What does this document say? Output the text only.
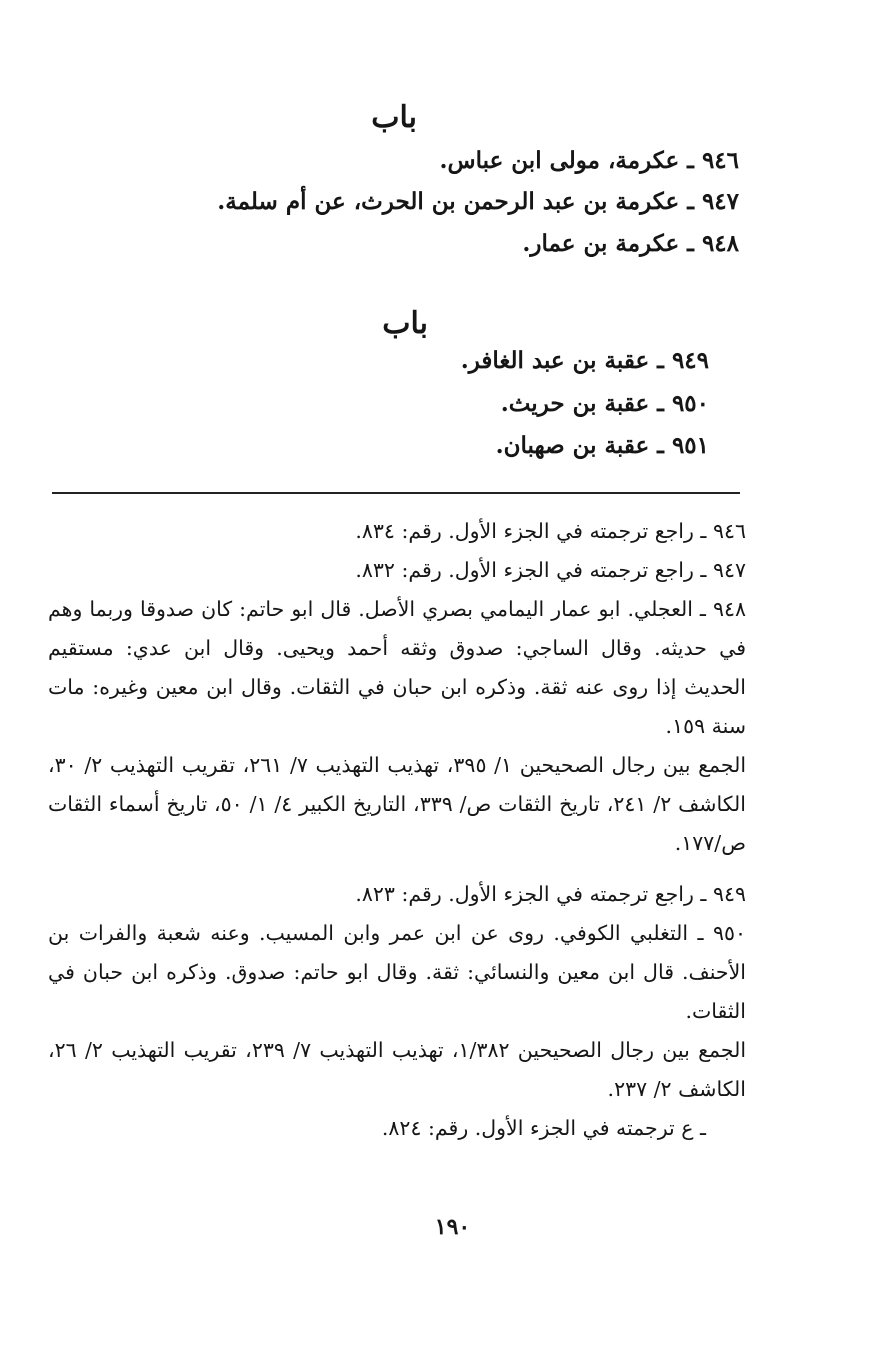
باب
٩٤٦ ـ عكرمة، مولى ابن عباس.
٩٤٧ ـ عكرمة بن عبد الرحمن بن الحرث، عن أم سلمة.
٩٤٨ ـ عكرمة بن عمار.
باب
٩٤٩ ـ عقبة بن عبد الغافر.
٩٥٠ ـ عقبة بن حريث.
٩٥١ ـ عقبة بن صهبان.

٩٤٦ ـ راجع ترجمته في الجزء الأول. رقم: ٨٣٤.

٩٤٧ ـ راجع ترجمته في الجزء الأول. رقم: ٨٣٢.

٩٤٨ ـ العجلي. ابو عمار اليمامي بصري الأصل. قال ابو حاتم: كان صدوقا وربما وهم في حديثه. وقال الساجي: صدوق وثقه أحمد ويحيى. وقال ابن عدي: مستقيم الحديث إذا روى عنه ثقة. وذكره ابن حبان في الثقات. وقال ابن معين وغيره: مات سنة ١٥٩.

الجمع بين رجال الصحيحين ١/ ٣٩٥، تهذيب التهذيب ٧/ ٢٦١، تقريب التهذيب ٢/ ٣٠، الكاشف ٢/ ٢٤١، تاريخ الثقات ص/ ٣٣٩، التاريخ الكبير ٤/ ١/ ٥٠، تاريخ أسماء الثقات ص/١٧٧.

٩٤٩ ـ راجع ترجمته في الجزء الأول. رقم: ٨٢٣.

٩٥٠ ـ التغلبي الكوفي. روى عن ابن عمر وابن المسيب. وعنه شعبة والفرات بن الأحنف. قال ابن معين والنسائي: ثقة. وقال ابو حاتم: صدوق. وذكره ابن حبان في الثقات.

الجمع بين رجال الصحيحين ١/٣٨٢، تهذيب التهذيب ٧/ ٢٣٩، تقريب التهذيب ٢/ ٢٦، الكاشف ٢/ ٢٣٧.

ـ ع ترجمته في الجزء الأول. رقم: ٨٢٤.

١٩٠
